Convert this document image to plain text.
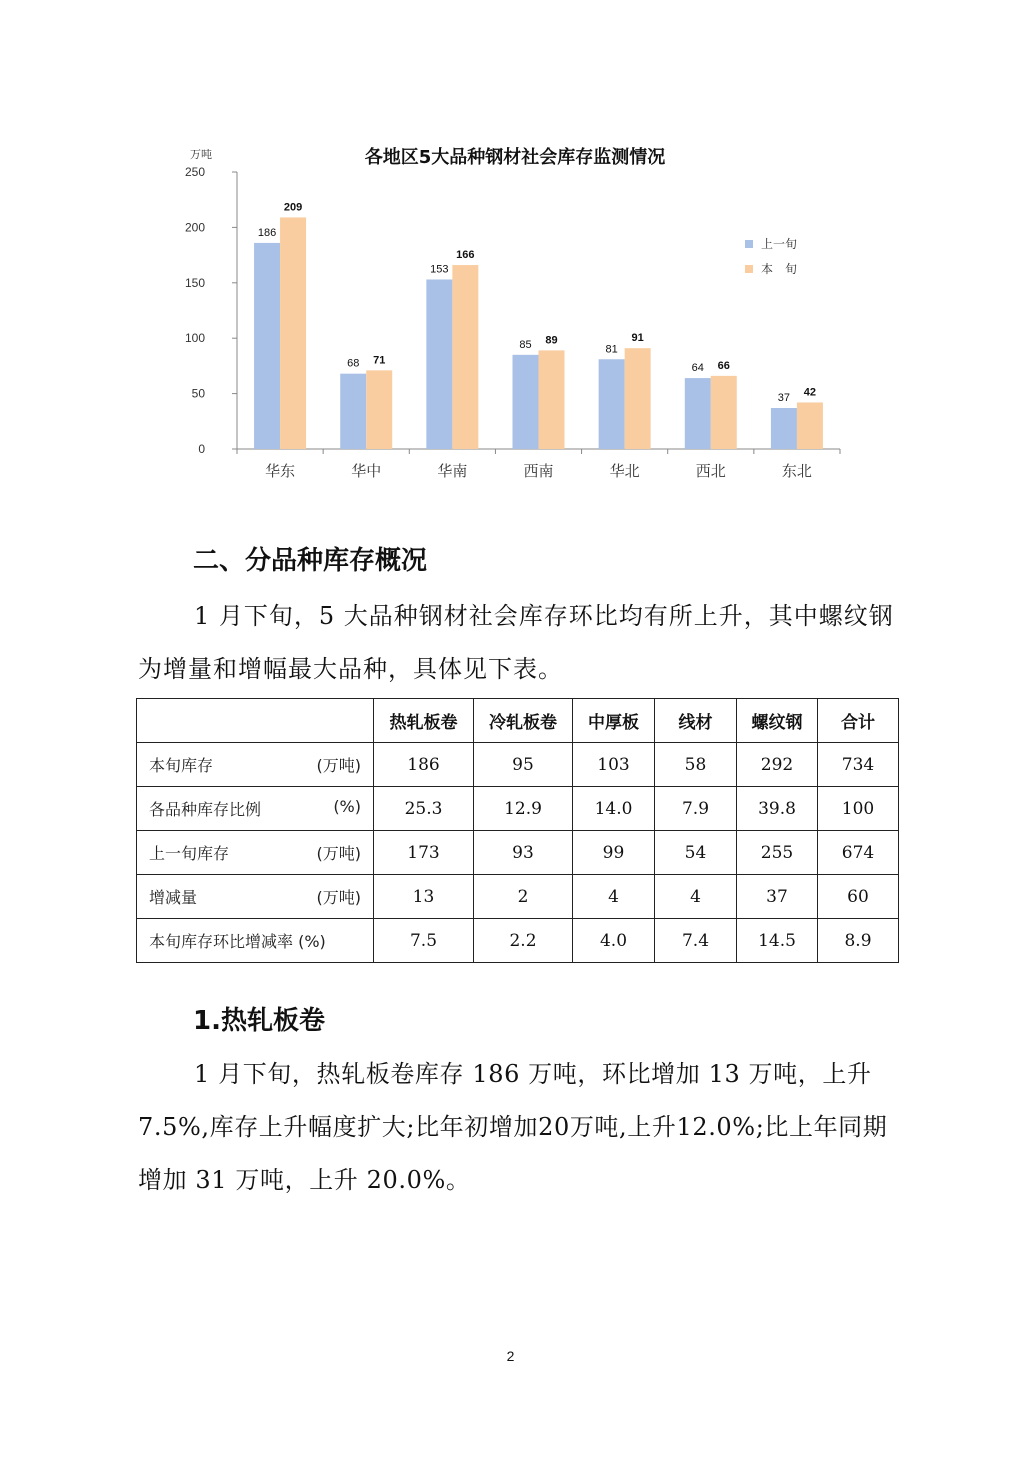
万吨	各地区5大品种钢材社会库存监测情况
0
50
100
150
200
250
华东	华中	华南	西南	华北	西北	东北
186
209
68 71
153
166
85 89
81
91
64 66
37 42
上一旬
本　旬
二、分品种库存概况

1 月下旬，5 大品种钢材社会库存环比均有所上升，其中螺纹钢为增量和增幅最大品种，具体见下表。

	热轧板卷	冷轧板卷	中厚板	线材	螺纹钢	合计

本旬库存 (万吨)	186	95	103	58	292	734

各品种库存比例 (%)	25.3	12.9	14.0	7.9	39.8	100

上一旬库存 (万吨)	173	93	99	54	255	674

增减量 (万吨)	13	2	4	4	37	60

本旬库存环比增减率 (%)	7.5	2.2	4.0	7.4	14.5	8.9
1.热轧板卷

1 月下旬，热轧板卷库存 186 万吨，环比增加 13 万吨，上升7.5%,库存上升幅度扩大;比年初增加20万吨,上升12.0%;比上年同期增加 31 万吨，上升 20.0%。

2
